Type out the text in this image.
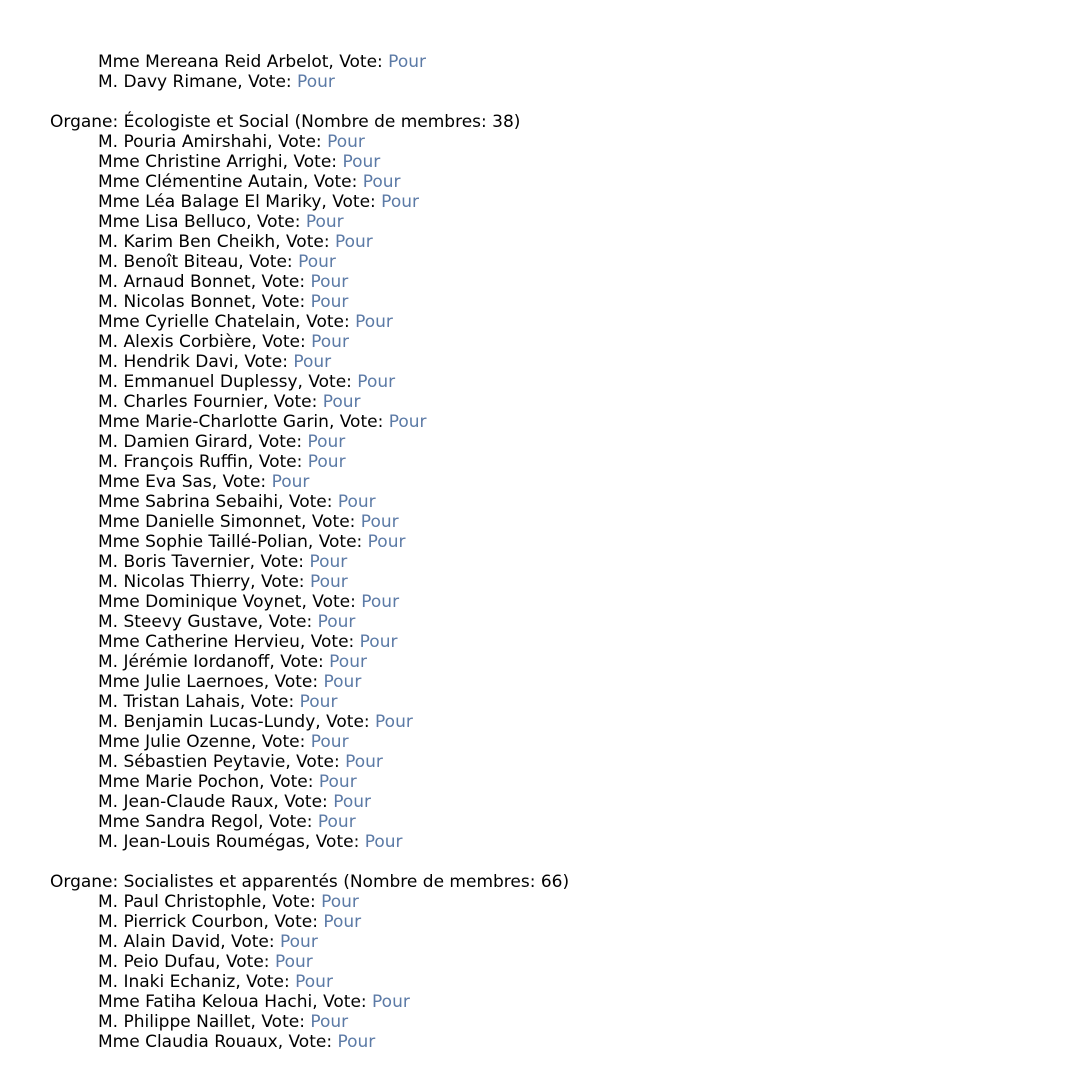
Mme Mereana Reid Arbelot, Vote: Pour
M. Davy Rimane, Vote: Pour
Organe: Écologiste et Social (Nombre de membres: 38)
M. Pouria Amirshahi, Vote: Pour
Mme Christine Arrighi, Vote: Pour
Mme Clémentine Autain, Vote: Pour
Mme Léa Balage El Mariky, Vote: Pour
Mme Lisa Belluco, Vote: Pour
M. Karim Ben Cheikh, Vote: Pour
M. Benoît Biteau, Vote: Pour
M. Arnaud Bonnet, Vote: Pour
M. Nicolas Bonnet, Vote: Pour
Mme Cyrielle Chatelain, Vote: Pour
M. Alexis Corbière, Vote: Pour
M. Hendrik Davi, Vote: Pour
M. Emmanuel Duplessy, Vote: Pour
M. Charles Fournier, Vote: Pour
Mme Marie-Charlotte Garin, Vote: Pour
M. Damien Girard, Vote: Pour
M. François Ruffin, Vote: Pour
Mme Eva Sas, Vote: Pour
Mme Sabrina Sebaihi, Vote: Pour
Mme Danielle Simonnet, Vote: Pour
Mme Sophie Taillé-Polian, Vote: Pour
M. Boris Tavernier, Vote: Pour
M. Nicolas Thierry, Vote: Pour
Mme Dominique Voynet, Vote: Pour
M. Steevy Gustave, Vote: Pour
Mme Catherine Hervieu, Vote: Pour
M. Jérémie Iordanoff, Vote: Pour
Mme Julie Laernoes, Vote: Pour
M. Tristan Lahais, Vote: Pour
M. Benjamin Lucas-Lundy, Vote: Pour
Mme Julie Ozenne, Vote: Pour
M. Sébastien Peytavie, Vote: Pour
Mme Marie Pochon, Vote: Pour
M. Jean-Claude Raux, Vote: Pour
Mme Sandra Regol, Vote: Pour
M. Jean-Louis Roumégas, Vote: Pour
Organe: Socialistes et apparentés (Nombre de membres: 66)
M. Paul Christophle, Vote: Pour
M. Pierrick Courbon, Vote: Pour
M. Alain David, Vote: Pour
M. Peio Dufau, Vote: Pour
M. Inaki Echaniz, Vote: Pour
Mme Fatiha Keloua Hachi, Vote: Pour
M. Philippe Naillet, Vote: Pour
Mme Claudia Rouaux, Vote: Pour
